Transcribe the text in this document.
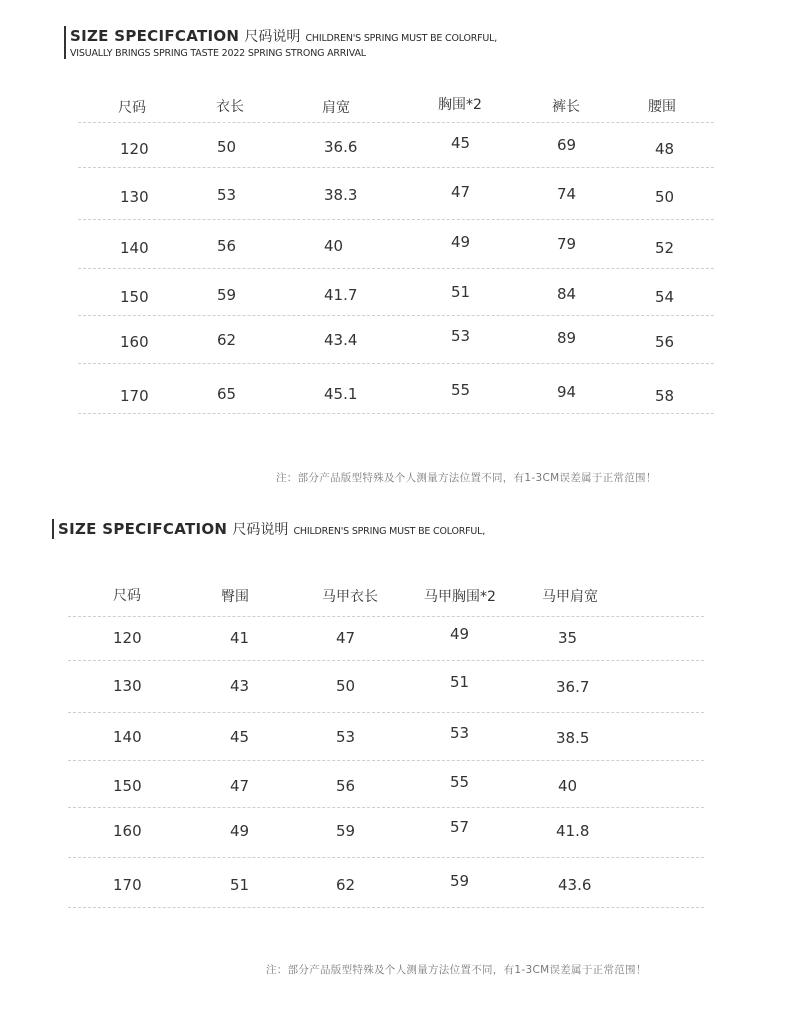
SIZE SPECIFCATION 尺码说明 CHILDREN'S SPRING MUST BE COLORFUL,
VISUALLY BRINGS SPRING TASTE 2022 SPRING STRONG ARRIVAL
尺码	衣长	肩宽	胸围*2	裤长	腰围
120	50	36.6	45	69	48
130	53	38.3	47	74	50
140	56	40	49	79	52
150	59	41.7	51	84	54
160	62	43.4	53	89	56
170	65	45.1	55	94	58
注：部分产品版型特殊及个人测量方法位置不同，有1-3CM误差属于正常范围！
SIZE SPECIFCATION 尺码说明 CHILDREN'S SPRING MUST BE COLORFUL,
尺码	臀围	马甲衣长	马甲胸围*2	马甲肩宽
120	41	47	49	35
130	43	50	51	36.7
140	45	53	53	38.5
150	47	56	55	40
160	49	59	57	41.8
170	51	62	59	43.6
注：部分产品版型特殊及个人测量方法位置不同，有1-3CM误差属于正常范围！
